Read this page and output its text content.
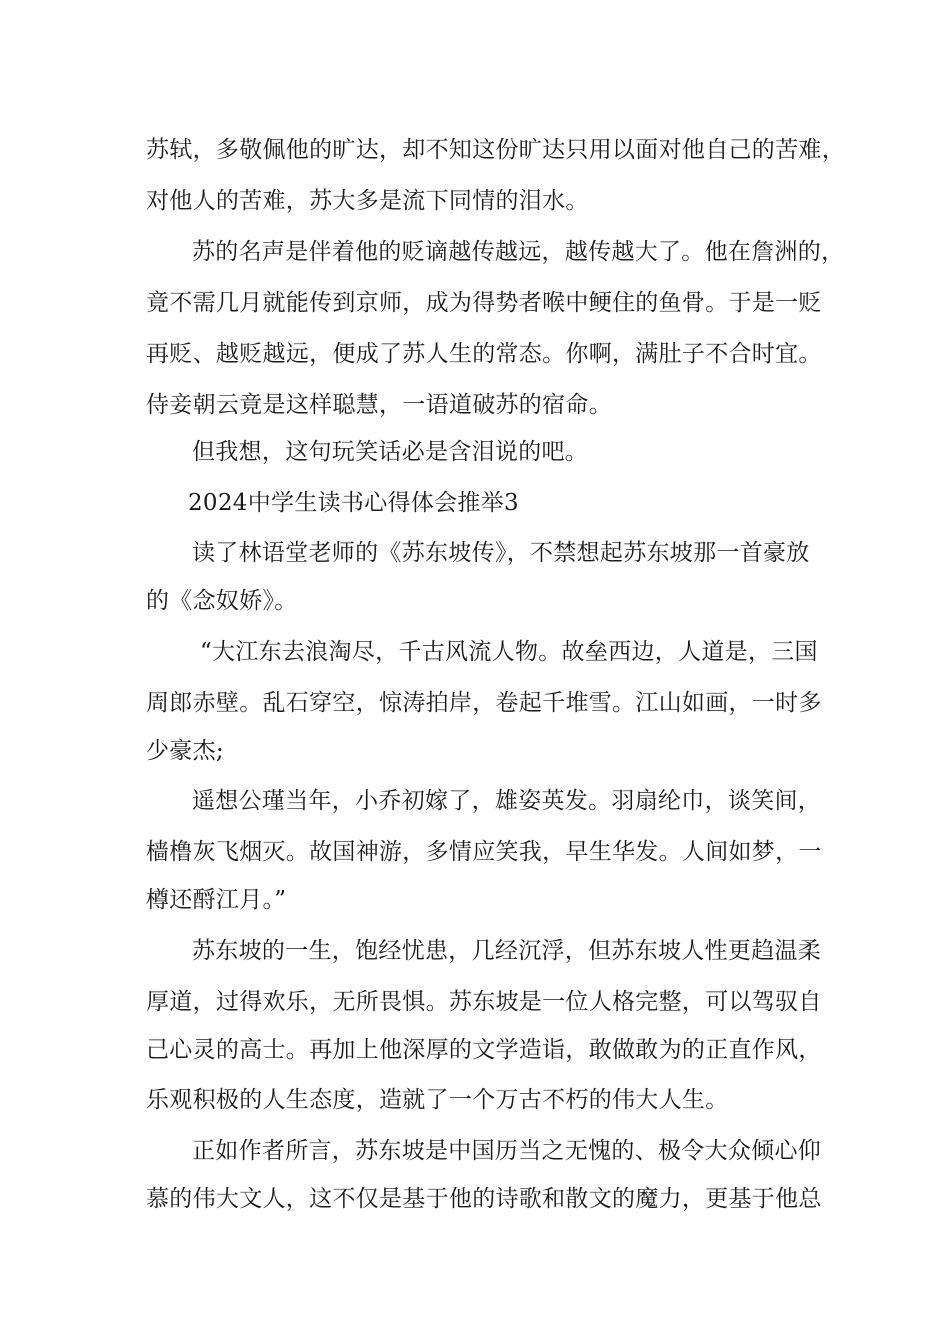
苏轼，多敬佩他的旷达，却不知这份旷达只用以面对他自己的苦难，
对他人的苦难，苏大多是流下同情的泪水。
苏的名声是伴着他的贬谪越传越远，越传越大了。他在詹洲的，
竟不需几月就能传到京师，成为得势者喉中鲠住的鱼骨。于是一贬
再贬、越贬越远，便成了苏人生的常态。你啊，满肚子不合时宜。
侍妾朝云竟是这样聪慧，一语道破苏的宿命。
但我想，这句玩笑话必是含泪说的吧。
2024中学生读书心得体会推举3
读了林语堂老师的《苏东坡传》，不禁想起苏东坡那一首豪放
的《念奴娇》。
“大江东去浪淘尽，千古风流人物。故垒西边，人道是，三国
周郎赤壁。乱石穿空，惊涛拍岸，卷起千堆雪。江山如画，一时多
少豪杰;
遥想公瑾当年，小乔初嫁了，雄姿英发。羽扇纶巾，谈笑间，
樯橹灰飞烟灭。故国神游，多情应笑我，早生华发。人间如梦，一
樽还酹江月。”
苏东坡的一生，饱经忧患，几经沉浮，但苏东坡人性更趋温柔
厚道，过得欢乐，无所畏惧。苏东坡是一位人格完整，可以驾驭自
己心灵的高士。再加上他深厚的文学造诣，敢做敢为的正直作风，
乐观积极的人生态度，造就了一个万古不朽的伟大人生。
正如作者所言，苏东坡是中国历当之无愧的、极令大众倾心仰
慕的伟大文人，这不仅是基于他的诗歌和散文的魔力，更基于他总
